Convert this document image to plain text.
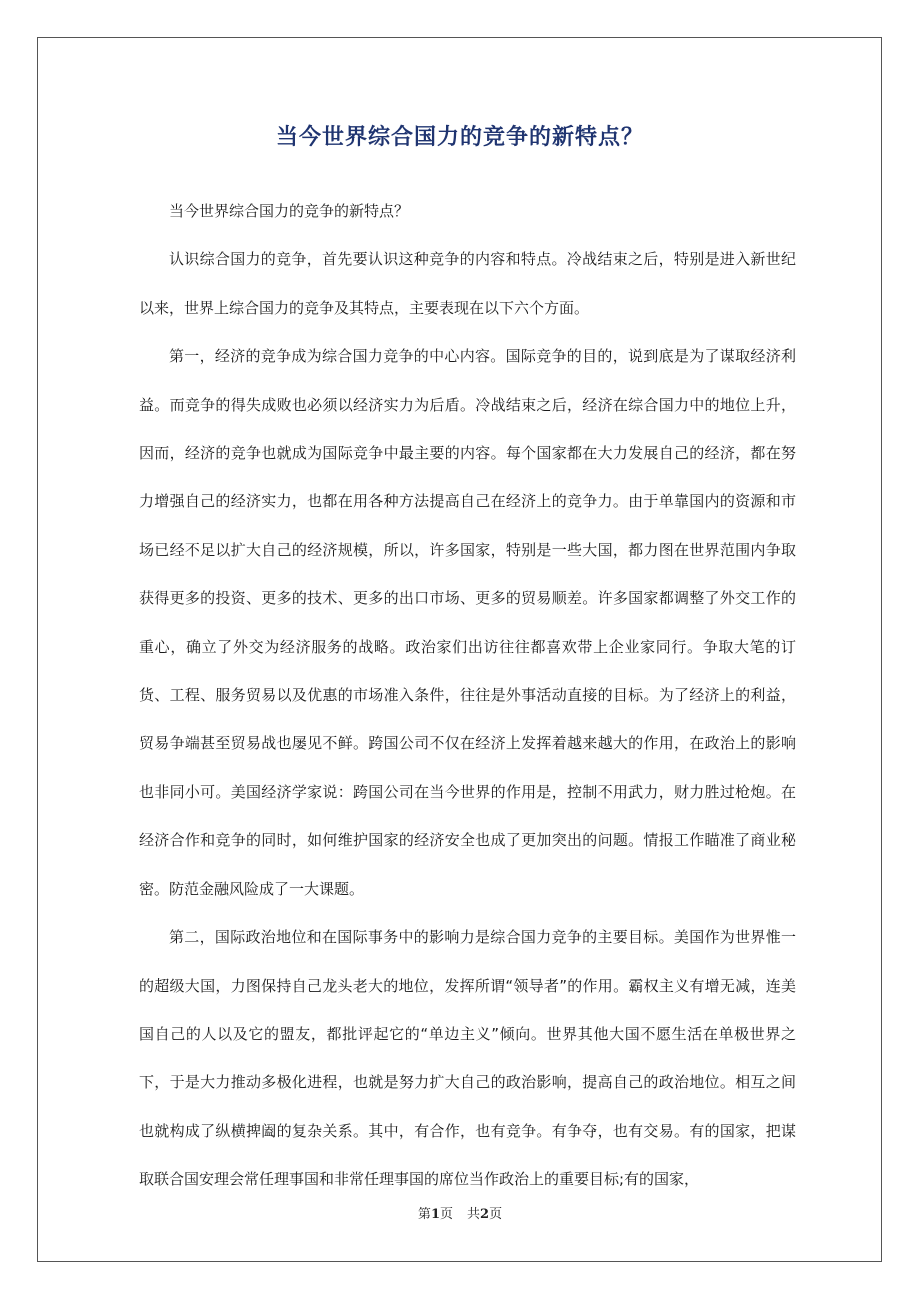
当今世界综合国力的竞争的新特点？

当今世界综合国力的竞争的新特点？

认识综合国力的竞争，首先要认识这种竞争的内容和特点。冷战结束之后，特别是进入新世纪以来，世界上综合国力的竞争及其特点，主要表现在以下六个方面。

第一，经济的竞争成为综合国力竞争的中心内容。国际竞争的目的，说到底是为了谋取经济利益。而竞争的得失成败也必须以经济实力为后盾。冷战结束之后，经济在综合国力中的地位上升，因而，经济的竞争也就成为国际竞争中最主要的内容。每个国家都在大力发展自己的经济，都在努力增强自己的经济实力，也都在用各种方法提高自己在经济上的竞争力。由于单靠国内的资源和市场已经不足以扩大自己的经济规模，所以，许多国家，特别是一些大国，都力图在世界范围内争取获得更多的投资、更多的技术、更多的出口市场、更多的贸易顺差。许多国家都调整了外交工作的重心，确立了外交为经济服务的战略。政治家们出访往往都喜欢带上企业家同行。争取大笔的订货、工程、服务贸易以及优惠的市场准入条件，往往是外事活动直接的目标。为了经济上的利益，贸易争端甚至贸易战也屡见不鲜。跨国公司不仅在经济上发挥着越来越大的作用，在政治上的影响也非同小可。美国经济学家说：跨国公司在当今世界的作用是，控制不用武力，财力胜过枪炮。在经济合作和竞争的同时，如何维护国家的经济安全也成了更加突出的问题。情报工作瞄准了商业秘密。防范金融风险成了一大课题。

第二，国际政治地位和在国际事务中的影响力是综合国力竞争的主要目标。美国作为世界惟一的超级大国，力图保持自己龙头老大的地位，发挥所谓“领导者”的作用。霸权主义有增无减，连美国自己的人以及它的盟友，都批评起它的“单边主义”倾向。世界其他大国不愿生活在单极世界之下，于是大力推动多极化进程，也就是努力扩大自己的政治影响，提高自己的政治地位。相互之间也就构成了纵横捭阖的复杂关系。其中，有合作，也有竞争。有争夺，也有交易。有的国家，把谋取联合国安理会常任理事国和非常任理事国的席位当作政治上的重要目标;有的国家，

第1页 共2页
